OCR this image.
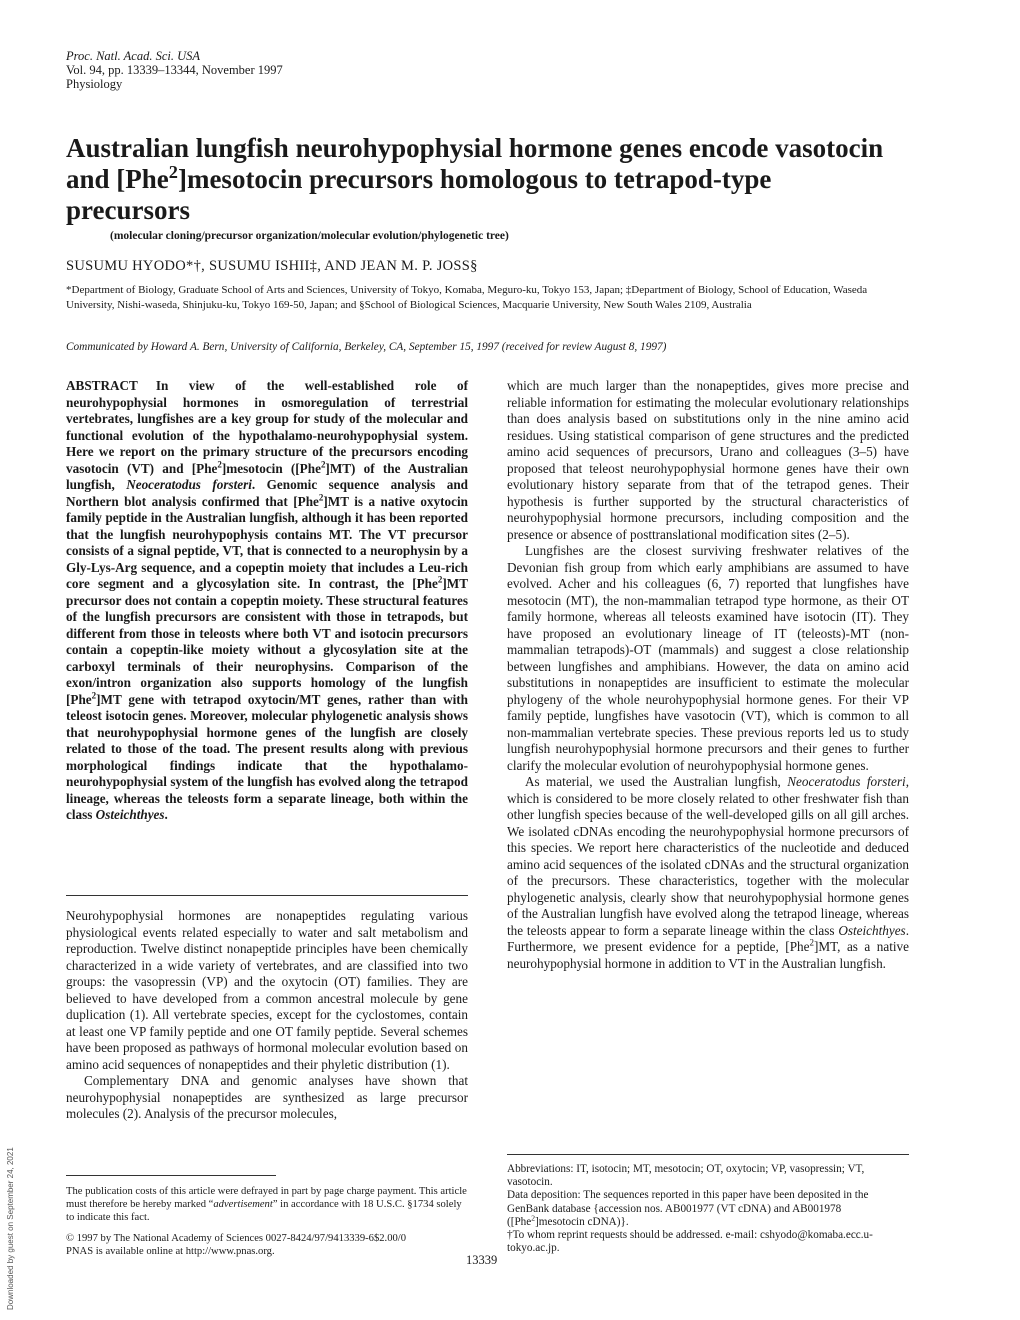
Proc. Natl. Acad. Sci. USA
Vol. 94, pp. 13339–13344, November 1997
Physiology
Australian lungfish neurohypophysial hormone genes encode vasotocin and [Phe$^2$]mesotocin precursors homologous to tetrapod-type precursors
(molecular cloning/precursor organization/molecular evolution/phylogenetic tree)
SUSUMU HYODO*†, SUSUMU ISHII‡, AND JEAN M. P. JOSS§
*Department of Biology, Graduate School of Arts and Sciences, University of Tokyo, Komaba, Meguro-ku, Tokyo 153, Japan; ‡Department of Biology, School of Education, Waseda University, Nishi-waseda, Shinjuku-ku, Tokyo 169-50, Japan; and §School of Biological Sciences, Macquarie University, New South Wales 2109, Australia
Communicated by Howard A. Bern, University of California, Berkeley, CA, September 15, 1997 (received for review August 8, 1997)

ABSTRACT In view of the well-established role of neurohypophysial hormones in osmoregulation of terrestrial vertebrates, lungfishes are a key group for study of the molecular and functional evolution of the hypothalamo-neurohypophysial system. Here we report on the primary structure of the precursors encoding vasotocin (VT) and [Phe$^2$]mesotocin ([Phe$^2$]MT) of the Australian lungfish, Neoceratodus forsteri. Genomic sequence analysis and Northern blot analysis confirmed that [Phe$^2$]MT is a native oxytocin family peptide in the Australian lungfish, although it has been reported that the lungfish neurohypophysis contains MT. The VT precursor consists of a signal peptide, VT, that is connected to a neurophysin by a Gly-Lys-Arg sequence, and a copeptin moiety that includes a Leu-rich core segment and a glycosylation site. In contrast, the [Phe$^2$]MT precursor does not contain a copeptin moiety. These structural features of the lungfish precursors are consistent with those in tetrapods, but different from those in teleosts where both VT and isotocin precursors contain a copeptin-like moiety without a glycosylation site at the carboxyl terminals of their neurophysins. Comparison of the exon/intron organization also supports homology of the lungfish [Phe$^2$]MT gene with tetrapod oxytocin/MT genes, rather than with teleost isotocin genes. Moreover, molecular phylogenetic analysis shows that neurohypophysial hormone genes of the lungfish are closely related to those of the toad. The present results along with previous morphological findings indicate that the hypothalamo-neurohypophysial system of the lungfish has evolved along the tetrapod lineage, whereas the teleosts form a separate lineage, both within the class Osteichthyes.

Neurohypophysial hormones are nonapeptides regulating various physiological events related especially to water and salt metabolism and reproduction. Twelve distinct nonapeptide principles have been chemically characterized in a wide variety of vertebrates, and are classified into two groups: the vasopressin (VP) and the oxytocin (OT) families. They are believed to have developed from a common ancestral molecule by gene duplication (1). All vertebrate species, except for the cyclostomes, contain at least one VP family peptide and one OT family peptide. Several schemes have been proposed as pathways of hormonal molecular evolution based on amino acid sequences of nonapeptides and their phyletic distribution (1).

Complementary DNA and genomic analyses have shown that neurohypophysial nonapeptides are synthesized as large precursor molecules (2). Analysis of the precursor molecules,

The publication costs of this article were defrayed in part by page charge payment. This article must therefore be hereby marked “advertisement” in accordance with 18 U.S.C. §1734 solely to indicate this fact.

© 1997 by The National Academy of Sciences 0027-8424/97/9413339-6$2.00/0
PNAS is available online at http://www.pnas.org.

which are much larger than the nonapeptides, gives more precise and reliable information for estimating the molecular evolutionary relationships than does analysis based on substitutions only in the nine amino acid residues. Using statistical comparison of gene structures and the predicted amino acid sequences of precursors, Urano and colleagues (3–5) have proposed that teleost neurohypophysial hormone genes have their own evolutionary history separate from that of the tetrapod genes. Their hypothesis is further supported by the structural characteristics of neurohypophysial hormone precursors, including composition and the presence or absence of posttranslational modification sites (2–5).

Lungfishes are the closest surviving freshwater relatives of the Devonian fish group from which early amphibians are assumed to have evolved. Acher and his colleagues (6, 7) reported that lungfishes have mesotocin (MT), the non-mammalian tetrapod type hormone, as their OT family hormone, whereas all teleosts examined have isotocin (IT). They have proposed an evolutionary lineage of IT (teleosts)-MT (non-mammalian tetrapods)-OT (mammals) and suggest a close relationship between lungfishes and amphibians. However, the data on amino acid substitutions in nonapeptides are insufficient to estimate the molecular phylogeny of the whole neurohypophysial hormone genes. For their VP family peptide, lungfishes have vasotocin (VT), which is common to all non-mammalian vertebrate species. These previous reports led us to study lungfish neurohypophysial hormone precursors and their genes to further clarify the molecular evolution of neurohypophysial hormone genes.

As material, we used the Australian lungfish, Neoceratodus forsteri, which is considered to be more closely related to other freshwater fish than other lungfish species because of the well-developed gills on all gill arches. We isolated cDNAs encoding the neurohypophysial hormone precursors of this species. We report here characteristics of the nucleotide and deduced amino acid sequences of the isolated cDNAs and the structural organization of the precursors. These characteristics, together with the molecular phylogenetic analysis, clearly show that neurohypophysial hormone genes of the Australian lungfish have evolved along the tetrapod lineage, whereas the teleosts appear to form a separate lineage within the class Osteichthyes. Furthermore, we present evidence for a peptide, [Phe$^2$]MT, as a native neurohypophysial hormone in addition to VT in the Australian lungfish.

Abbreviations: IT, isotocin; MT, mesotocin; OT, oxytocin; VP, vasopressin; VT, vasotocin.

Data deposition: The sequences reported in this paper have been deposited in the GenBank database {accession nos. AB001977 (VT cDNA) and AB001978 ([Phe$^2$]mesotocin cDNA)}.

†To whom reprint requests should be addressed. e-mail: cshyodo@komaba.ecc.u-tokyo.ac.jp.

13339
Downloaded by guest on September 24, 2021
